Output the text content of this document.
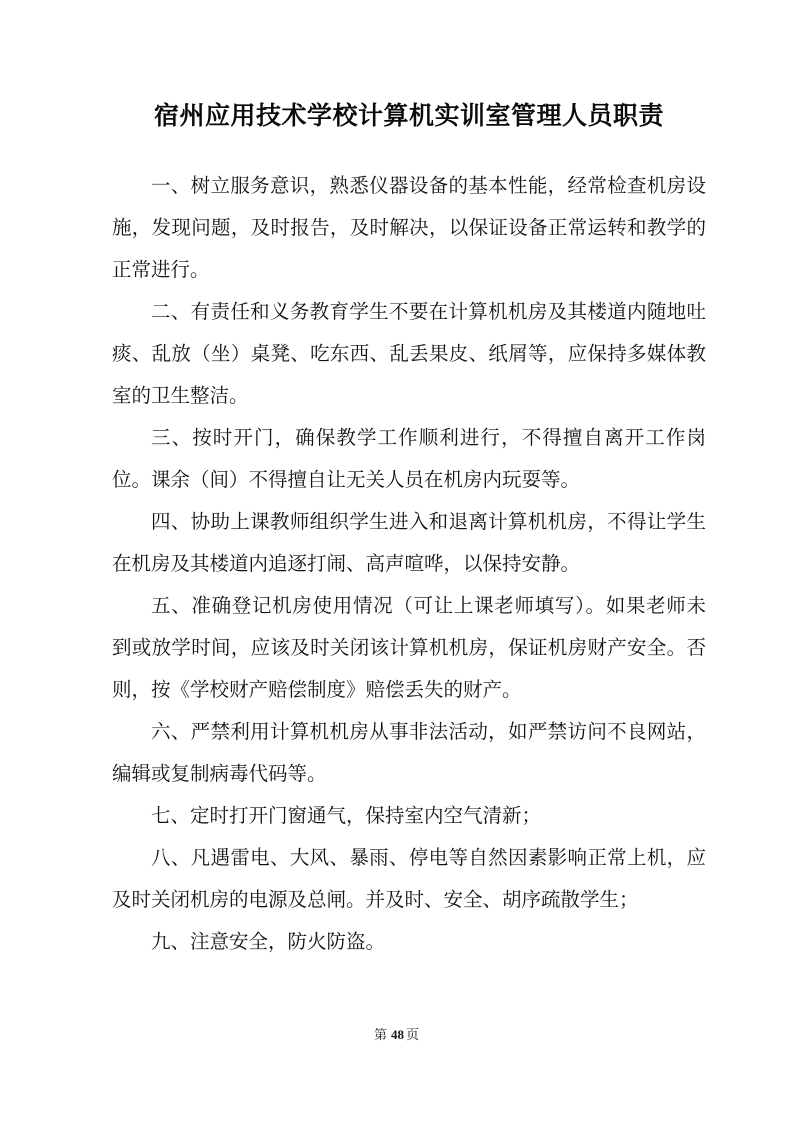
宿州应用技术学校计算机实训室管理人员职责

一、树立服务意识，熟悉仪器设备的基本性能，经常检查机房设施，发现问题，及时报告，及时解决，以保证设备正常运转和教学的正常进行。

二、有责任和义务教育学生不要在计算机机房及其楼道内随地吐痰、乱放（坐）桌凳、吃东西、乱丢果皮、纸屑等，应保持多媒体教室的卫生整洁。

三、按时开门，确保教学工作顺利进行，不得擅自离开工作岗位。课余（间）不得擅自让无关人员在机房内玩耍等。

四、协助上课教师组织学生进入和退离计算机机房，不得让学生在机房及其楼道内追逐打闹、高声喧哗，以保持安静。

五、准确登记机房使用情况（可让上课老师填写）。如果老师未到或放学时间，应该及时关闭该计算机机房，保证机房财产安全。否则，按《学校财产赔偿制度》赔偿丢失的财产。

六、严禁利用计算机机房从事非法活动，如严禁访问不良网站，编辑或复制病毒代码等。

七、定时打开门窗通气，保持室内空气清新；

八、凡遇雷电、大风、暴雨、停电等自然因素影响正常上机，应及时关闭机房的电源及总闸。并及时、安全、胡序疏散学生；

九、注意安全，防火防盗。

第 48 页
